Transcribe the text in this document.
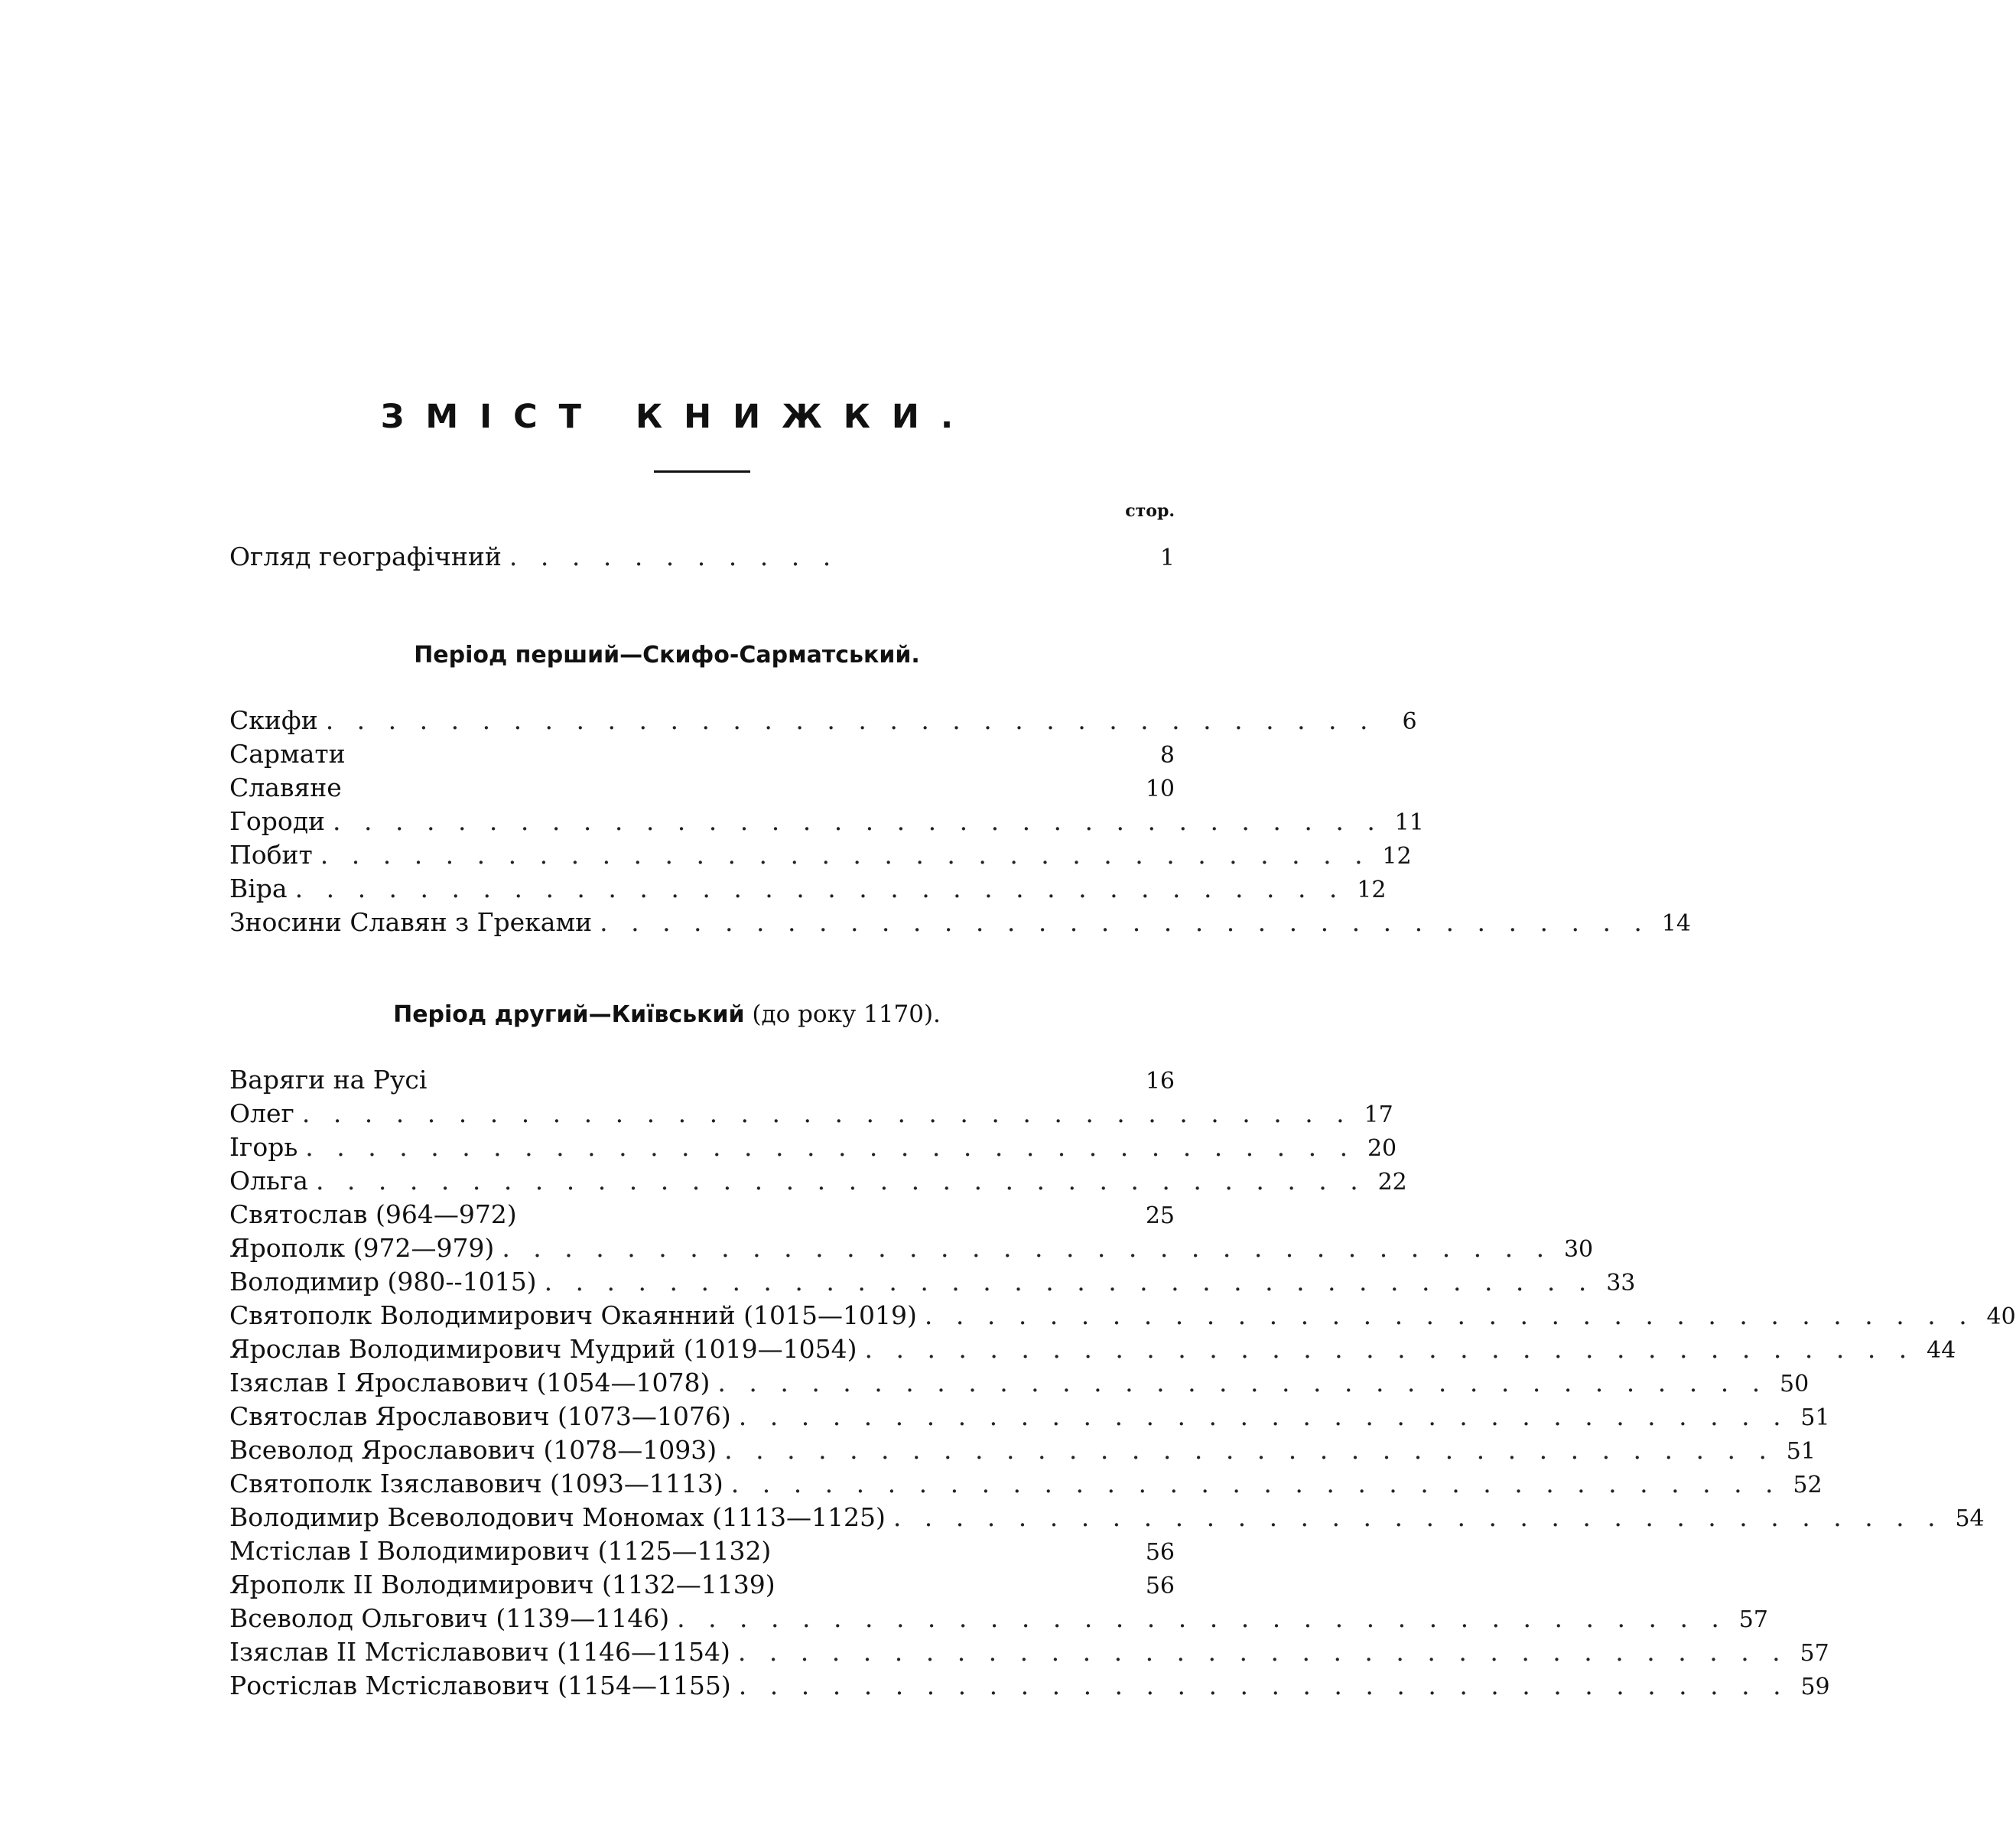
ЗМІСТ КНИЖКИ.
стор.
Огляд географічний . . . . . . . . . . .	1
Період перший—Скифо-Сарматський.
Скифи . . . . . . . . . . . . . . . . . . . . . . . . . . . . . . . . . .	6
Сармати	8
Славяне	10
Городи . . . . . . . . . . . . . . . . . . . . . . . . . . . . . . . . . . 11
Побит . . . . . . . . . . . . . . . . . . . . . . . . . . . . . . . . . . 12
Віра . . . . . . . . . . . . . . . . . . . . . . . . . . . . . . . . . . 12
Зносини Славян з Греками . . . . . . . . . . . . . . . . . . . . . . . . . . . . . . . . . . 14
Період другий—Київський (до року 1170).
Варяги на Русі	16
Олег . . . . . . . . . . . . . . . . . . . . . . . . . . . . . . . . . . 17
Ігорь . . . . . . . . . . . . . . . . . . . . . . . . . . . . . . . . . . 20
Ольга . . . . . . . . . . . . . . . . . . . . . . . . . . . . . . . . . . 22
Святослав (964—972)	25
Ярополк (972—979) . . . . . . . . . . . . . . . . . . . . . . . . . . . . . . . . . . 30
Володимир (980--1015) . . . . . . . . . . . . . . . . . . . . . . . . . . . . . . . . . . 33
Святополк Володимирович Окаянний (1015—1019) . . . . . . . . . . . . . . . . . . . . . . . . . . . . . . . . . . 40
Ярослав Володимирович Мудрий (1019—1054) . . . . . . . . . . . . . . . . . . . . . . . . . . . . . . . . . . 44
Ізяслав I Ярославович (1054—1078) . . . . . . . . . . . . . . . . . . . . . . . . . . . . . . . . . . 50
Святослав Ярославович (1073—1076) . . . . . . . . . . . . . . . . . . . . . . . . . . . . . . . . . . 51
Всеволод Ярославович (1078—1093) . . . . . . . . . . . . . . . . . . . . . . . . . . . . . . . . . . 51
Святополк Ізяславович (1093—1113) . . . . . . . . . . . . . . . . . . . . . . . . . . . . . . . . . . 52
Володимир Всеволодович Мономах (1113—1125) . . . . . . . . . . . . . . . . . . . . . . . . . . . . . . . . . . 54
Мстіслав I Володимирович (1125—1132)	56
Ярополк II Володимирович (1132—1139)	56
Всеволод Ольгович (1139—1146) . . . . . . . . . . . . . . . . . . . . . . . . . . . . . . . . . . 57
Ізяслав II Мстіславович (1146—1154) . . . . . . . . . . . . . . . . . . . . . . . . . . . . . . . . . . 57
Ростіслав Мстіславович (1154—1155) . . . . . . . . . . . . . . . . . . . . . . . . . . . . . . . . . . 59
